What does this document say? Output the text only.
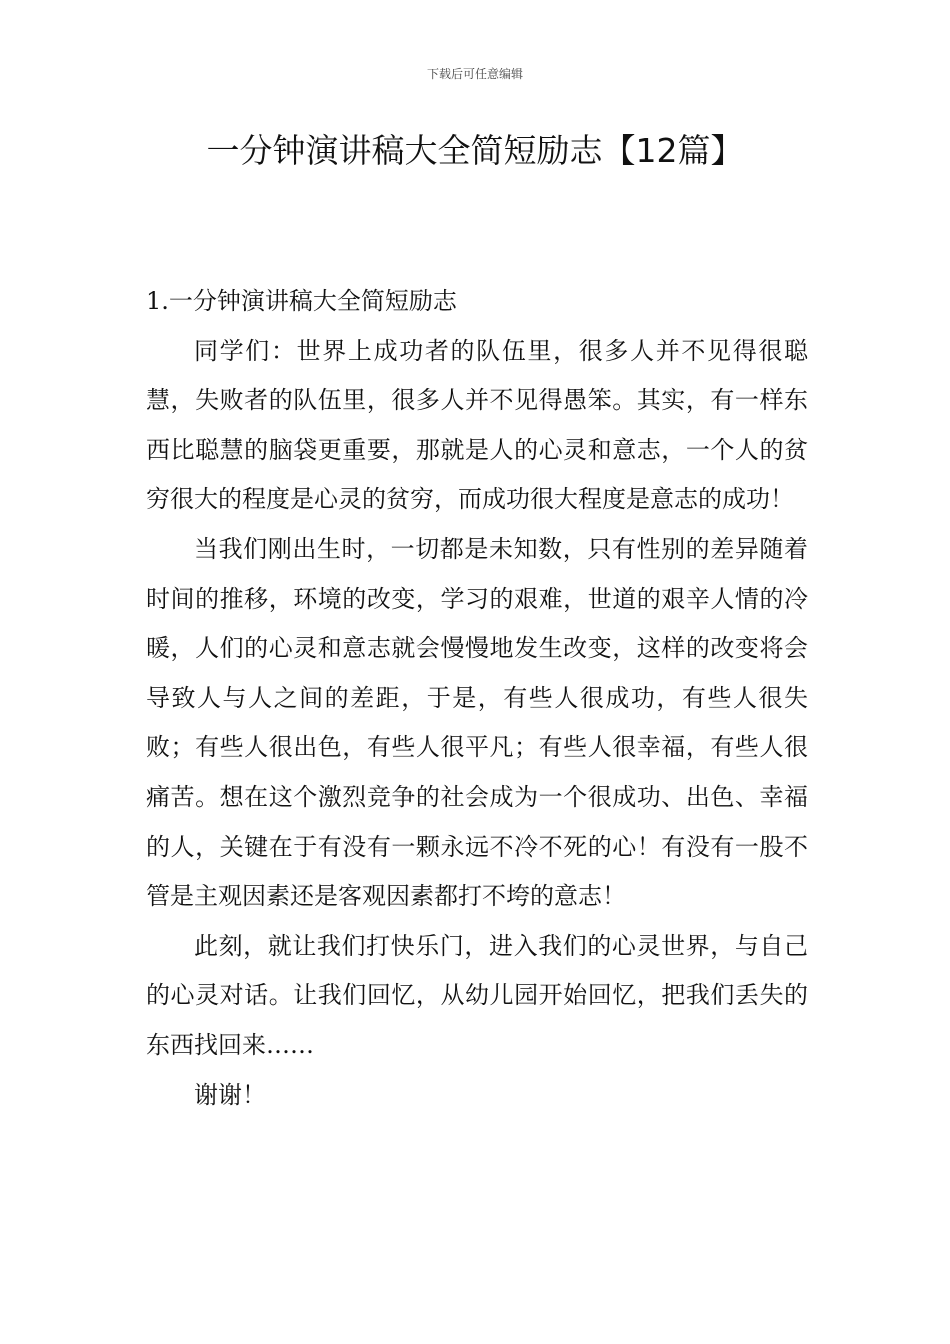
下载后可任意编辑
一分钟演讲稿大全简短励志【12篇】
1.一分钟演讲稿大全简短励志

同学们：世界上成功者的队伍里，很多人并不见得很聪慧，失败者的队伍里，很多人并不见得愚笨。其实，有一样东西比聪慧的脑袋更重要，那就是人的心灵和意志，一个人的贫穷很大的程度是心灵的贫穷，而成功很大程度是意志的成功！

当我们刚出生时，一切都是未知数，只有性别的差异随着时间的推移，环境的改变，学习的艰难，世道的艰辛人情的冷暖，人们的心灵和意志就会慢慢地发生改变，这样的改变将会导致人与人之间的差距，于是，有些人很成功，有些人很失败；有些人很出色，有些人很平凡；有些人很幸福，有些人很痛苦。想在这个激烈竞争的社会成为一个很成功、出色、幸福的人，关键在于有没有一颗永远不冷不死的心！有没有一股不管是主观因素还是客观因素都打不垮的意志！

此刻，就让我们打快乐门，进入我们的心灵世界，与自己的心灵对话。让我们回忆，从幼儿园开始回忆，把我们丢失的东西找回来……

谢谢！
